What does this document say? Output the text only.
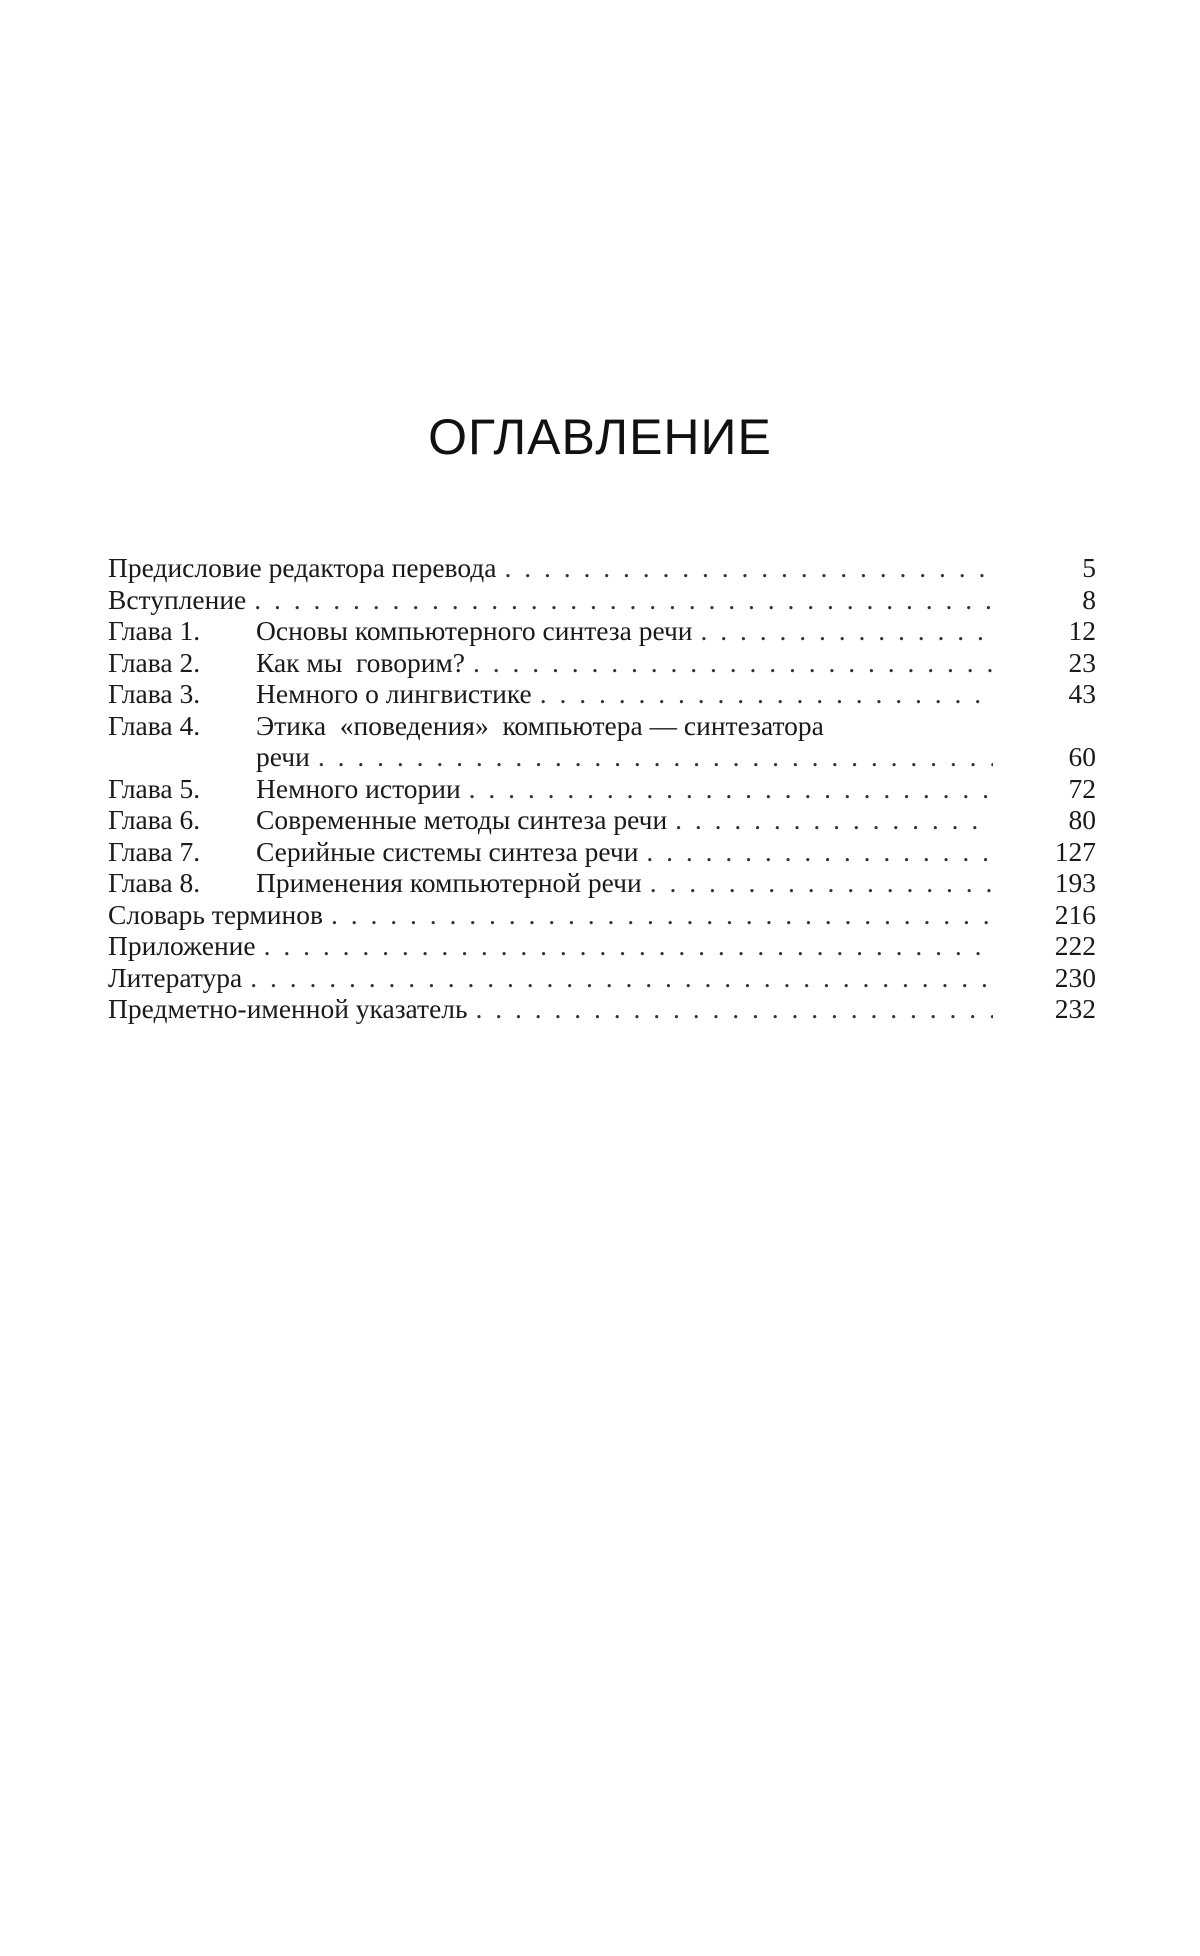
ОГЛАВЛЕНИЕ
Предисловие редактора перевода . . .	5
Вступление . . .	8
Глава 1. Основы компьютерного синтеза речи . . .	12
Глава 2. Как мы  говорим? . . .	23
Глава 3. Немного о лингвистике . . .	43
Глава 4. Этика  «поведения»  компьютера — синтезатора
речи . . .	60
Глава 5. Немного истории . . .	72
Глава 6. Современные методы синтеза речи . . .	80
Глава 7. Серийные системы синтеза речи . . .	127
Глава 8. Применения компьютерной речи . . .	193
Словарь терминов . . .	216
Приложение . . .	222
Литература . . .	230
Предметно-именной указатель . . .	232
